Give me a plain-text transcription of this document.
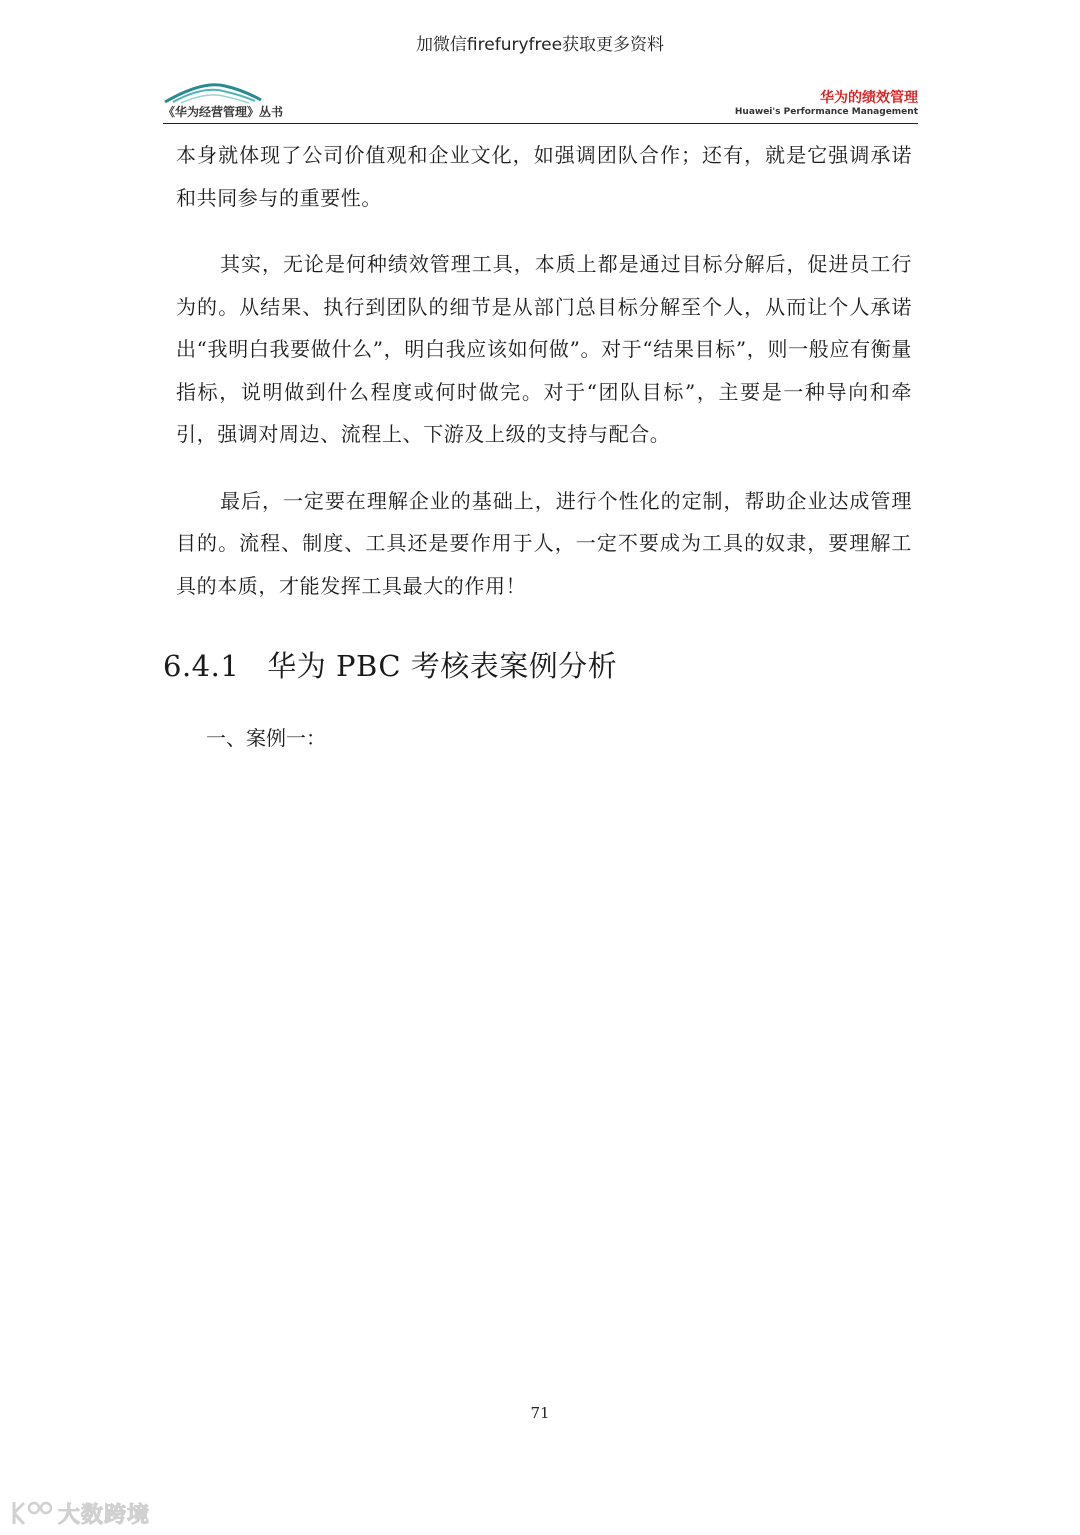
加微信firefuryfree获取更多资料
《华为经营管理》丛书
华为的绩效管理
Huawei's Performance Management

本身就体现了公司价值观和企业文化，如强调团队合作；还有，就是它强调承诺和共同参与的重要性。

其实，无论是何种绩效管理工具，本质上都是通过目标分解后，促进员工行为的。从结果、执行到团队的细节是从部门总目标分解至个人，从而让个人承诺出“我明白我要做什么”，明白我应该如何做”。对于“结果目标”，则一般应有衡量指标，说明做到什么程度或何时做完。对于“团队目标”，主要是一种导向和牵引，强调对周边、流程上、下游及上级的支持与配合。

最后，一定要在理解企业的基础上，进行个性化的定制，帮助企业达成管理目的。流程、制度、工具还是要作用于人，一定不要成为工具的奴隶，要理解工具的本质，才能发挥工具最大的作用！

6.4.1 华为 PBC 考核表案例分析
一、案例一：
71
大数跨境
